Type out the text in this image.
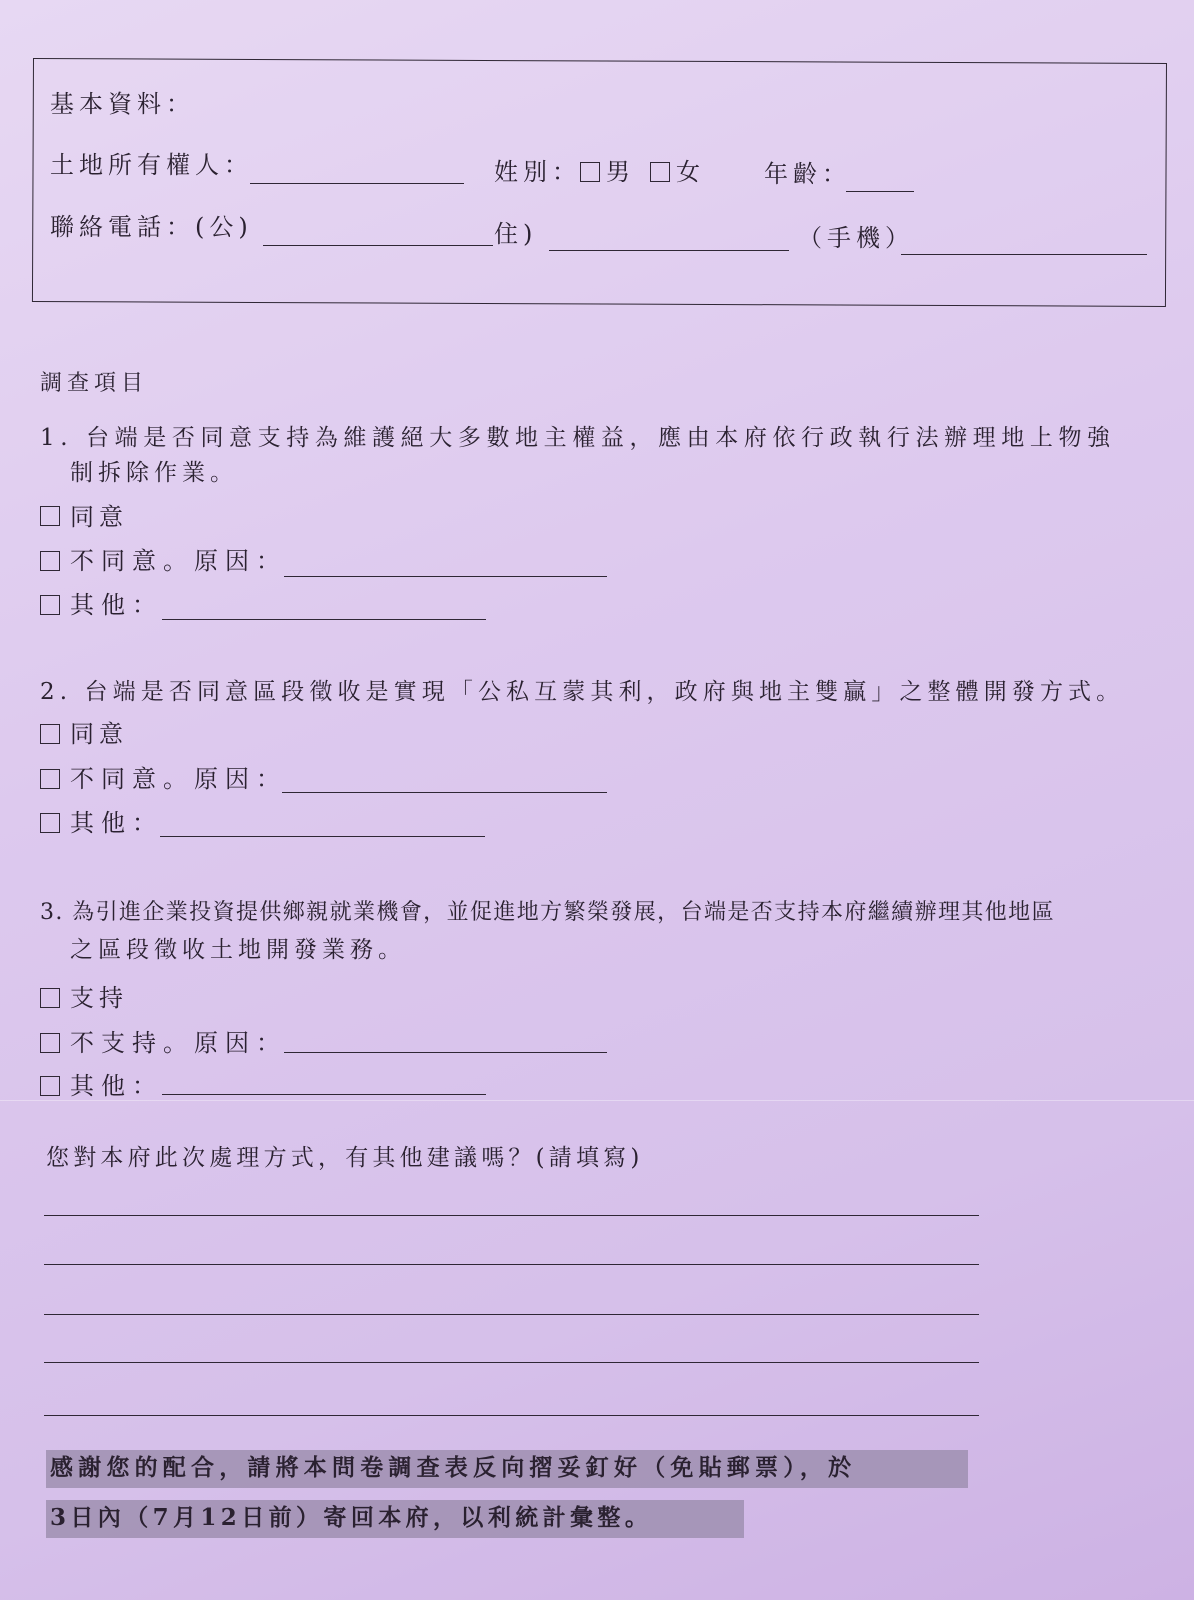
基本資料：
土地所有權人：	姓別： 男 女 年齡：
聯絡電話：(公)	住)	（手機）
調查項目
1. 台端是否同意支持為維護絕大多數地主權益，應由本府依行政執行法辦理地上物強
制拆除作業。
同意
不同意。原因：
其他：
2. 台端是否同意區段徵收是實現「公私互蒙其利，政府與地主雙贏」之整體開發方式。
同意
不同意。原因：
其他：
3. 為引進企業投資提供鄉親就業機會，並促進地方繁榮發展，台端是否支持本府繼續辦理其他地區
之區段徵收土地開發業務。
支持
不支持。原因：
其他：
您對本府此次處理方式，有其他建議嗎？(請填寫)
感謝您的配合，請將本問卷調查表反向摺妥釘好（免貼郵票），於
3日內（7月12日前）寄回本府，以利統計彙整。
